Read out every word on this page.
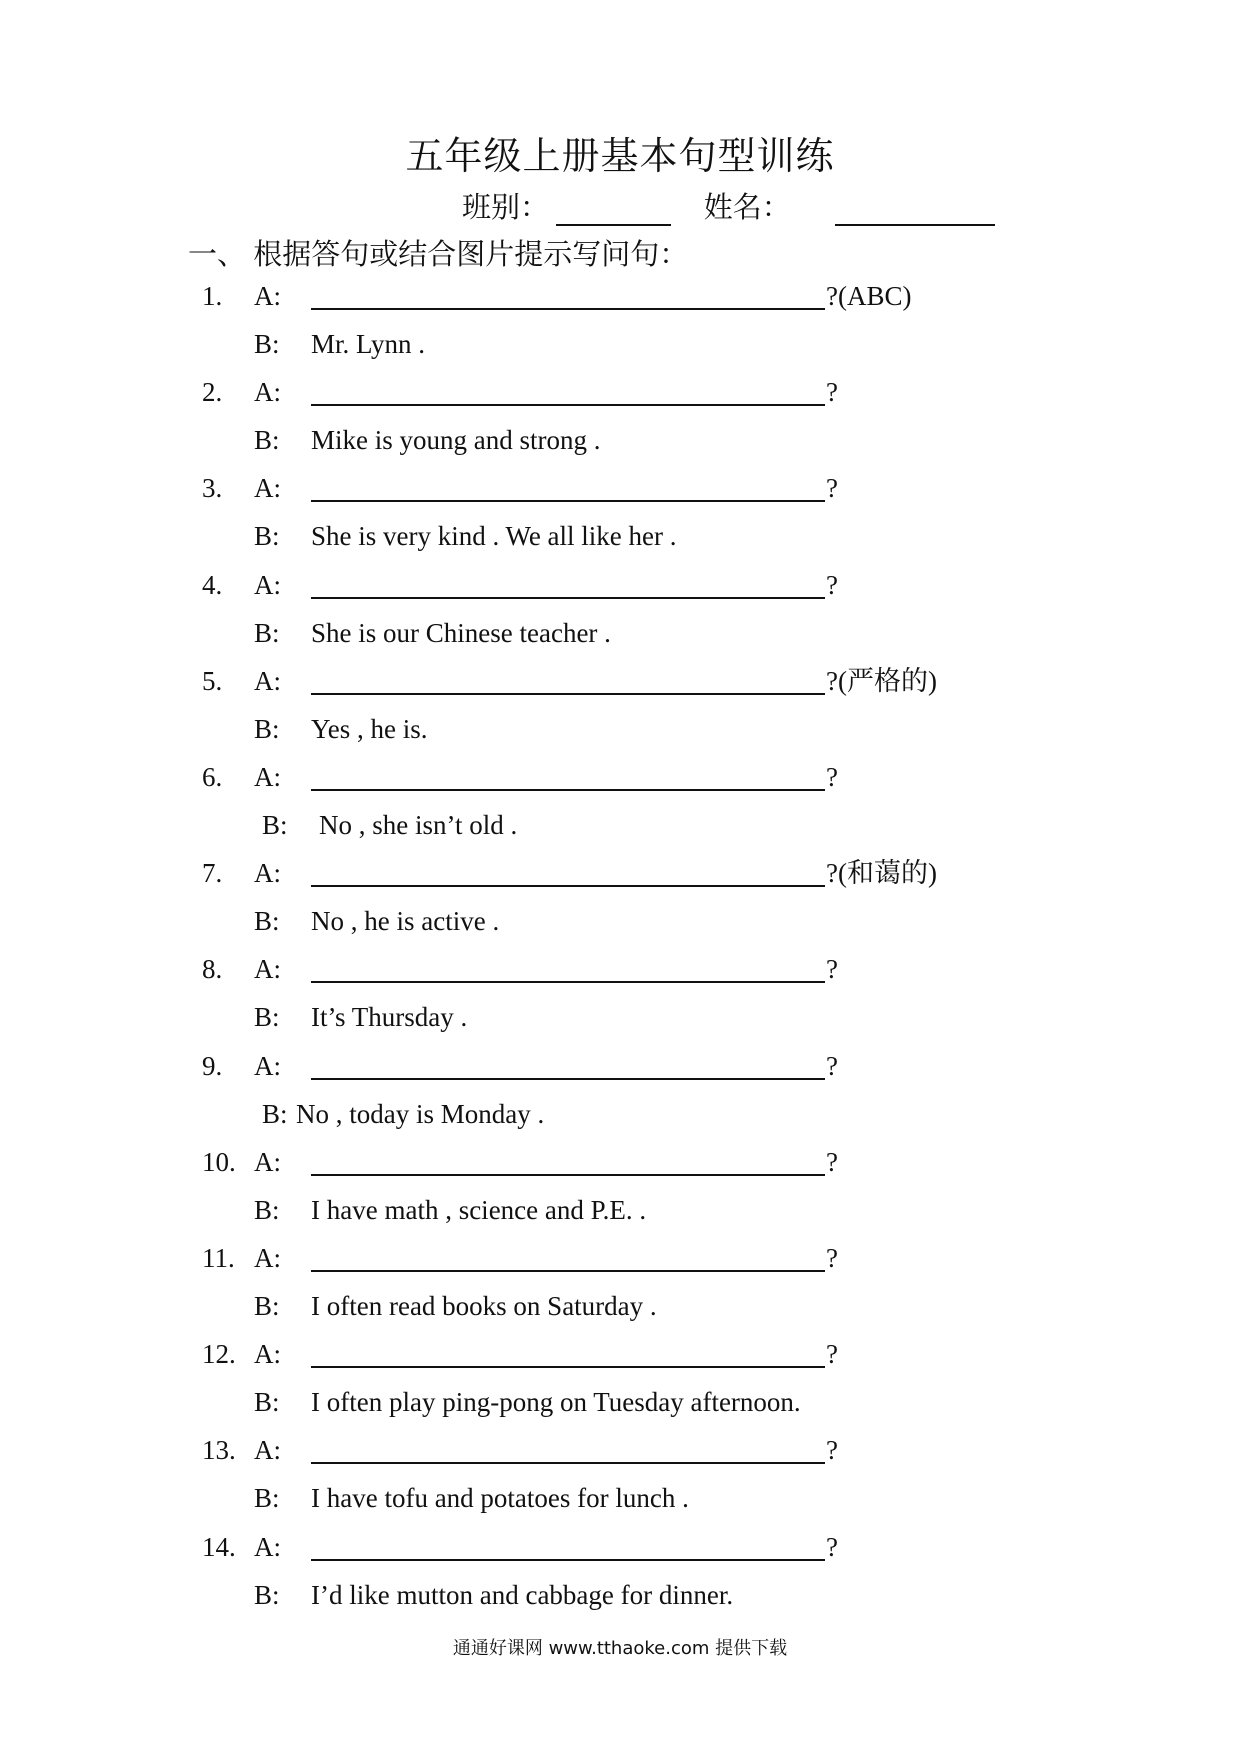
五年级上册基本句型训练
班别：	姓名：
一、 根据答句或结合图片提示写问句：
1. A:	?(ABC)
B: Mr. Lynn .
2. A:	?
B: Mike is young and strong .
3. A:	?
B: She is very kind . We all like her .
4. A:	?
B: She is our Chinese teacher .
5. A:	?(严格的)
B: Yes , he is.
6. A:	?
B: No , she isn’t old .
7. A:	?(和蔼的)
B: No , he is active .
8. A:	?
B: It’s Thursday .
9. A:	?
B: No , today is Monday .
10. A:	?
B: I have math , science and P.E. .
11. A:	?
B: I often read books on Saturday .
12. A:	?
B: I often play ping-pong on Tuesday afternoon.
13. A:	?
B: I have tofu and potatoes for lunch .
14. A:	?
B: I’d like mutton and cabbage for dinner.
通通好课网 www.tthaoke.com 提供下载
